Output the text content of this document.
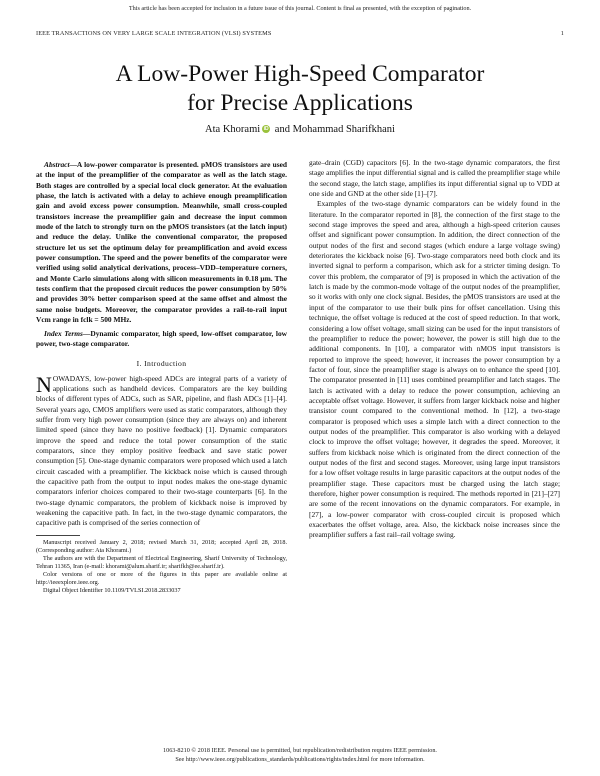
This article has been accepted for inclusion in a future issue of this journal. Content is final as presented, with the exception of pagination.
IEEE TRANSACTIONS ON VERY LARGE SCALE INTEGRATION (VLSI) SYSTEMS	1
A Low-Power High-Speed Comparator
for Precise Applications
Ata Khorami iD and Mohammad Sharifkhani

Abstract—A low-power comparator is presented. pMOS transistors are used at the input of the preamplifier of the comparator as well as the latch stage. Both stages are controlled by a special local clock generator. At the evaluation phase, the latch is activated with a delay to achieve enough preamplification gain and avoid excess power consumption. Meanwhile, small cross-coupled transistors increase the preamplifier gain and decrease the input common mode of the latch to strongly turn on the pMOS transistors (at the latch input) and reduce the delay. Unlike the conventional comparator, the proposed structure let us set the optimum delay for preamplification and avoid excess power consumption. The speed and the power benefits of the comparator were verified using solid analytical derivations, process–VDD–temperature corners, and Monte Carlo simulations along with silicon measurements in 0.18 μm. The tests confirm that the proposed circuit reduces the power consumption by 50% and provides 30% better comparison speed at the same offset and almost the same noise budgets. Moreover, the comparator provides a rail-to-rail input Vcm range in fclk = 500 MHz.

Index Terms—Dynamic comparator, high speed, low-offset comparator, low power, two-stage comparator.

I. Introduction

NOWADAYS, low-power high-speed ADCs are integral parts of a variety of applications such as handheld devices. Comparators are the key building blocks of different types of ADCs, such as SAR, pipeline, and flash ADCs [1]–[4]. Several years ago, CMOS amplifiers were used as static comparators, although they suffer from very high power consumption (since they are always on) and inherent limited speed (since they have no positive feedback) [1]. Dynamic comparators improve the speed and reduce the total power consumption of the static comparators, since they employ positive feedback and save static power consumption [5]. One-stage dynamic comparators were proposed which used a latch circuit cascaded with a preamplifier. The kickback noise which is caused through the capacitive path from the output to input nodes makes the one-stage dynamic comparators inferior choices compared to their two-stage counterparts [6]. In the two-stage dynamic comparators, the problem of kickback noise is improved by weakening the capacitive path. In fact, in the two-stage dynamic comparators, the capacitive path is comprised of the series connection of

Manuscript received January 2, 2018; revised March 31, 2018; accepted April 28, 2018. (Corresponding author: Ata Khorami.)

The authors are with the Department of Electrical Engineering, Sharif University of Technology, Tehran 11365, Iran (e-mail: khorami@alum.sharif.ir; sharifkh@ee.sharif.ir).

Color versions of one or more of the figures in this paper are available online at http://ieeexplore.ieee.org.

Digital Object Identifier 10.1109/TVLSI.2018.2833037

gate–drain (CGD) capacitors [6]. In the two-stage dynamic comparators, the first stage amplifies the input differential signal and is called the preamplifier stage while the second stage, the latch stage, amplifies its input differential signal up to VDD at one side and GND at the other side [1]–[7].

Examples of the two-stage dynamic comparators can be widely found in the literature. In the comparator reported in [8], the connection of the first stage to the second stage improves the speed and area, although a high-speed criterion causes offset and significant power consumption. In addition, the direct connection of the output nodes of the first and second stages (which endure a large voltage swing) deteriorates the kickback noise [6]. Two-stage comparators need both clock and its inverted signal to perform a comparison, which ask for a stricter timing design. To cover this problem, the comparator of [9] is proposed in which the activation of the latch is made by the common-mode voltage of the output nodes of the preamplifier, so it works with only one clock signal. Besides, the pMOS transistors are used at the input of the comparator to use their bulk pins for offset cancellation. Using this technique, the offset voltage is reduced at the cost of speed reduction. In that work, considering a low offset voltage, small sizing can be used for the input transistors of the preamplifier to reduce the power; however, the power is still high due to the additional components. In [10], a comparator with nMOS input transistors is reported to improve the speed; however, it increases the power consumption by a factor of four, since the preamplifier stage is always on to enhance the speed [10]. The comparator presented in [11] uses combined preamplifier and latch stages. The latch is activated with a delay to reduce the power consumption, achieving an acceptable offset voltage. However, it suffers from larger kickback noise and higher transistor count compared to the conventional method. In [12], a two-stage comparator is proposed which uses a simple latch with a direct connection to the output nodes of the preamplifier. This comparator is also working with a delayed clock to improve the offset voltage; however, it degrades the speed. Moreover, it suffers from kickback noise which is originated from the direct connection of the output nodes of the first and second stages. Moreover, using large input transistors for a low offset voltage results in large parasitic capacitors at the output nodes of the preamplifier stage. These capacitors must be charged using the latch stage; therefore, higher power consumption is required. The methods reported in [21]–[27] are some of the recent innovations on the dynamic comparators. For example, in [27], a low-power comparator with cross-coupled circuit is proposed which exacerbates the offset voltage, area. Also, the kickback noise increases since the preamplifier suffers a fast rail–rail voltage swing.

1063-8210 © 2018 IEEE. Personal use is permitted, but republication/redistribution requires IEEE permission.
See http://www.ieee.org/publications_standards/publications/rights/index.html for more information.
